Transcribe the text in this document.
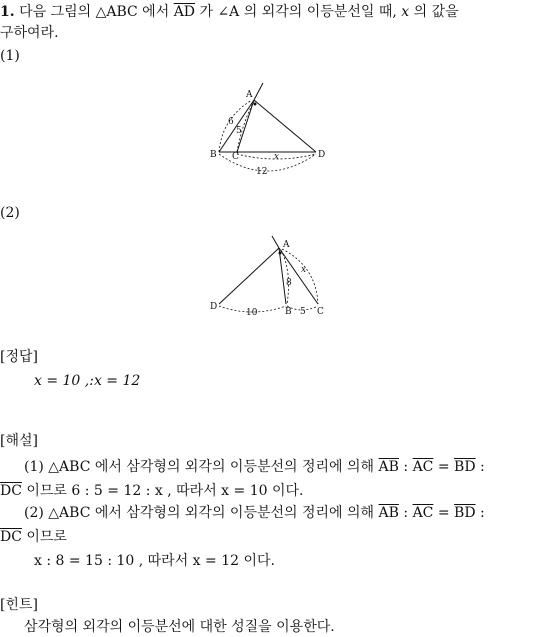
1. 다음 그림의 △ABC 에서 $\overline{AD}$ 가 ∠A 의 외각의 이등분선일 때, x 의 값을
구하여라.
(1)
A
B C	D
6
5
x
12
(2)
A
B	C
D
8
x
5
10
[정답]
x = 10 ,:x = 12
[해설]
(1) △ABC 에서 삼각형의 외각의 이등분선의 정리에 의해 $\overline{AB}$ : $\overline{AC} = \overline{BD}$ :
$\overline{DC}$ 이므로 6 : 5 = 12 : x , 따라서 x = 10 이다.
(2) △ABC 에서 삼각형의 외각의 이등분선의 정리에 의해 $\overline{AB}$ : $\overline{AC} = \overline{BD}$ :
$\overline{DC}$ 이므로
x : 8 = 15 : 10 , 따라서 x = 12 이다.
[힌트]
삼각형의 외각의 이등분선에 대한 성질을 이용한다.
